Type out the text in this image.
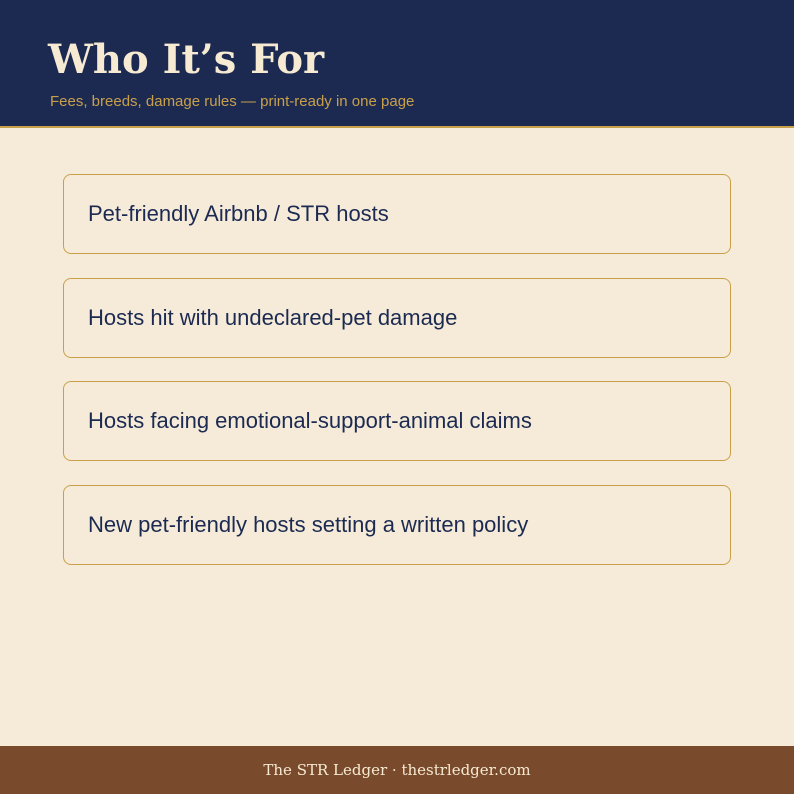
Who It’s For

Fees, breeds, damage rules — print-ready in one page

Pet-friendly Airbnb / STR hosts
Hosts hit with undeclared-pet damage
Hosts facing emotional-support-animal claims
New pet-friendly hosts setting a written policy
The STR Ledger · thestrledger.com
